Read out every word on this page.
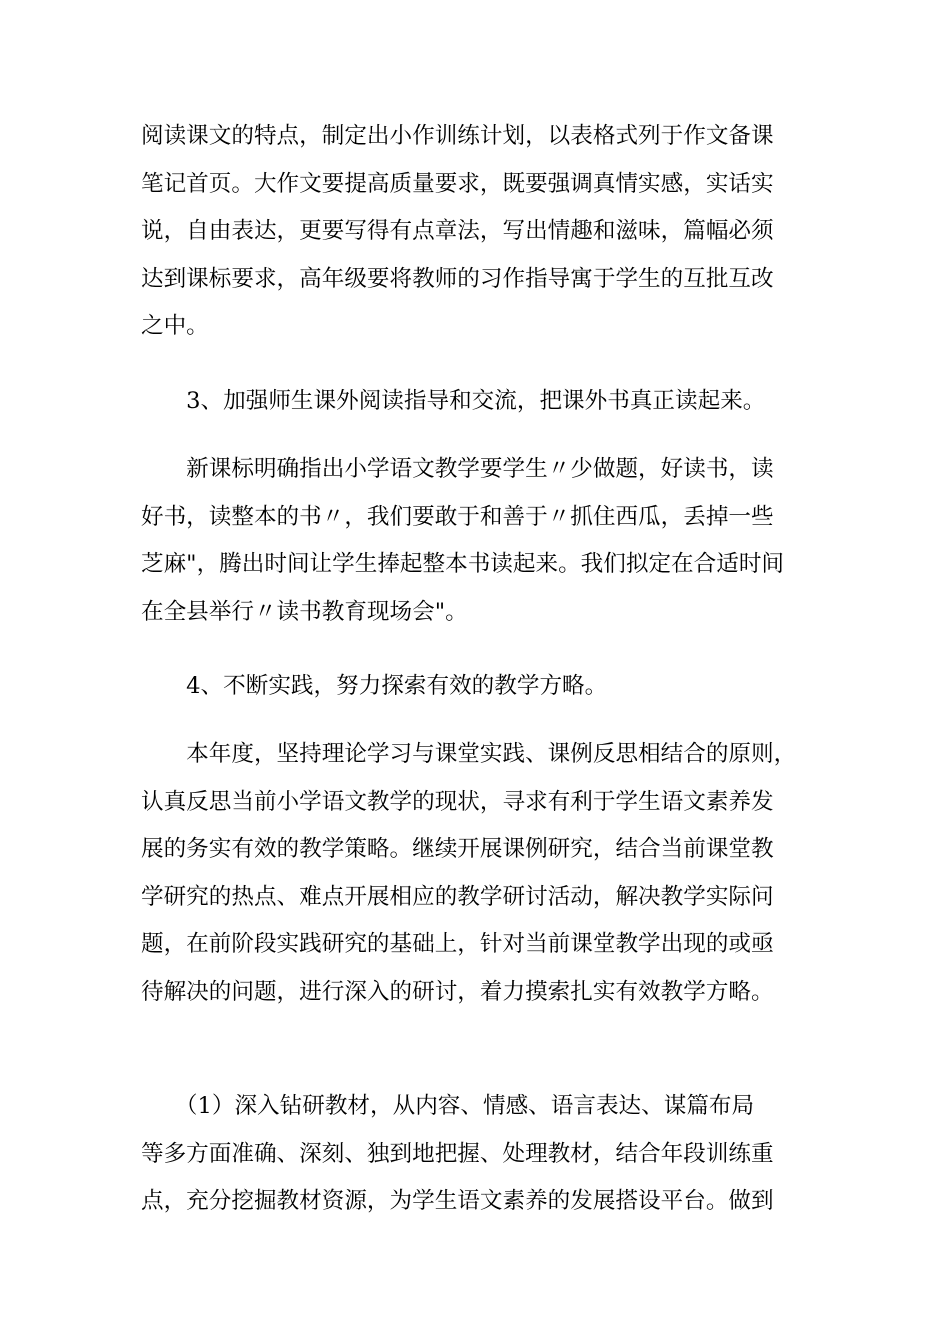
阅读课文的特点，制定出小作训练计划，以表格式列于作文备课
笔记首页。大作文要提高质量要求，既要强调真情实感，实话实
说，自由表达，更要写得有点章法，写出情趣和滋味，篇幅必须
达到课标要求，高年级要将教师的习作指导寓于学生的互批互改
之中。
　　3、加强师生课外阅读指导和交流，把课外书真正读起来。
　　新课标明确指出小学语文教学要学生〃少做题，好读书，读
好书，读整本的书〃，我们要敢于和善于〃抓住西瓜，丢掉一些
芝麻"，腾出时间让学生捧起整本书读起来。我们拟定在合适时间
在全县举行〃读书教育现场会"。
　　4、不断实践，努力探索有效的教学方略。
　　本年度，坚持理论学习与课堂实践、课例反思相结合的原则，
认真反思当前小学语文教学的现状，寻求有利于学生语文素养发
展的务实有效的教学策略。继续开展课例研究，结合当前课堂教
学研究的热点、难点开展相应的教学研讨活动，解决教学实际问
题，在前阶段实践研究的基础上，针对当前课堂教学出现的或亟
待解决的问题，进行深入的研讨，着力摸索扎实有效教学方略。
　　（1）深入钻研教材，从内容、情感、语言表达、谋篇布局
等多方面准确、深刻、独到地把握、处理教材，结合年段训练重
点，充分挖掘教材资源，为学生语文素养的发展搭设平台。做到
